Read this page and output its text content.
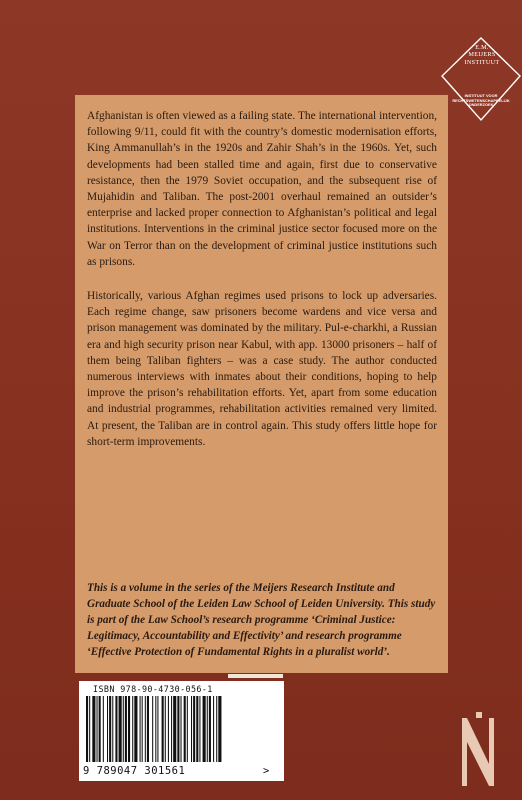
E.M.
MEIJERS
INSTITUUT
INSTITUUT VOOR
RECHTSWETENSCHAPPELIJK
ONDERZOEK

Afghanistan is often viewed as a failing state. The international intervention, following 9/11, could fit with the country’s domestic modernisation efforts, King Ammanullah’s in the 1920s and Zahir Shah’s in the 1960s. Yet, such developments had been stalled time and again, first due to conservative resistance, then the 1979 Soviet occupation, and the subsequent rise of Mujahidin and Taliban. The post-2001 overhaul remained an outsider’s enterprise and lacked proper connection to Afghanistan’s political and legal institutions. Interventions in the criminal justice sector focused more on the War on Terror than on the development of criminal justice institutions such as prisons.

Historically, various Afghan regimes used prisons to lock up adversaries. Each regime change, saw prisoners become wardens and vice versa and prison management was dominated by the military. Pul-e-charkhi, a Russian era and high security prison near Kabul, with app. 13000 prisoners – half of them being Taliban fighters – was a case study. The author conducted numerous interviews with inmates about their conditions, hoping to help improve the prison’s rehabilitation efforts. Yet, apart from some education and industrial programmes, rehabilitation activities remained very limited. At present, the Taliban are in control again. This study offers little hope for short-term improvements.

This is a volume in the series of the Meijers Research Institute and Graduate School of the Leiden Law School of Leiden University. This study is part of the Law School’s research programme ‘Criminal Justice: Legitimacy, Accountability and Effectivity’ and research programme ‘Effective Protection of Fundamental Rights in a pluralist world’.

ISBN 978-90-4730-056-1
9 789047 301561	>
